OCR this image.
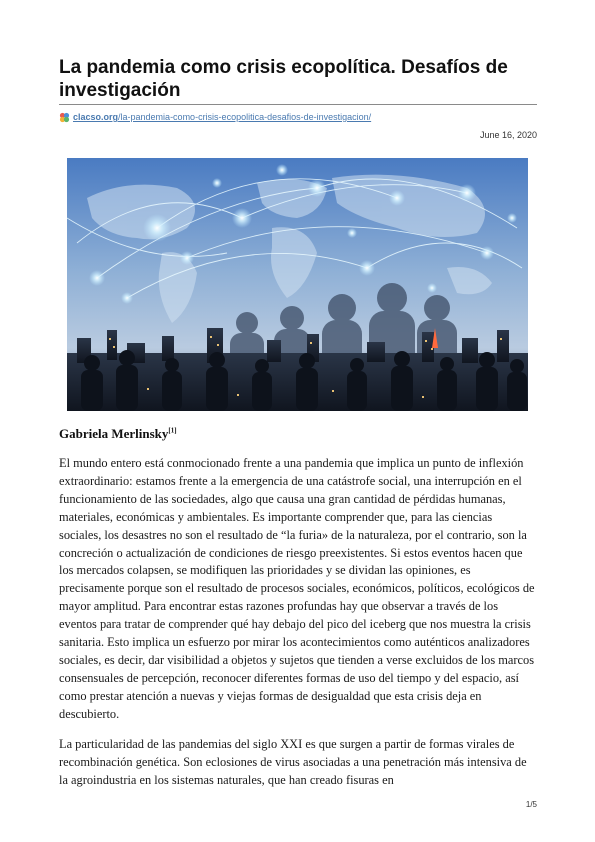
La pandemia como crisis ecopolítica. Desafíos de investigación
clacso.org /la-pandemia-como-crisis-ecopolitica-desafios-de-investigacion/
June 16, 2020
Gabriela Merlinsky[1]

El mundo entero está conmocionado frente a una pandemia que implica un punto de inflexión extraordinario: estamos frente a la emergencia de una catástrofe social, una interrupción en el funcionamiento de las sociedades, algo que causa una gran cantidad de pérdidas humanas, materiales, económicas y ambientales. Es importante comprender que, para las ciencias sociales, los desastres no son el resultado de “la furia» de la naturaleza, por el contrario, son la concreción o actualización de condiciones de riesgo preexistentes. Si estos eventos hacen que los mercados colapsen, se modifiquen las prioridades y se dividan las opiniones, es precisamente porque son el resultado de procesos sociales, económicos, políticos, ecológicos de mayor amplitud. Para encontrar estas razones profundas hay que observar a través de los eventos para tratar de comprender qué hay debajo del pico del iceberg que nos muestra la crisis sanitaria. Esto implica un esfuerzo por mirar los acontecimientos como auténticos analizadores sociales, es decir, dar visibilidad a objetos y sujetos que tienden a verse excluidos de los marcos consensuales de percepción, reconocer diferentes formas de uso del tiempo y del espacio, así como prestar atención a nuevas y viejas formas de desigualdad que esta crisis deja en descubierto.

La particularidad de las pandemias del siglo XXI es que surgen a partir de formas virales de recombinación genética. Son eclosiones de virus asociadas a una penetración más intensiva de la agroindustria en los sistemas naturales, que han creado fisuras en

1/5
